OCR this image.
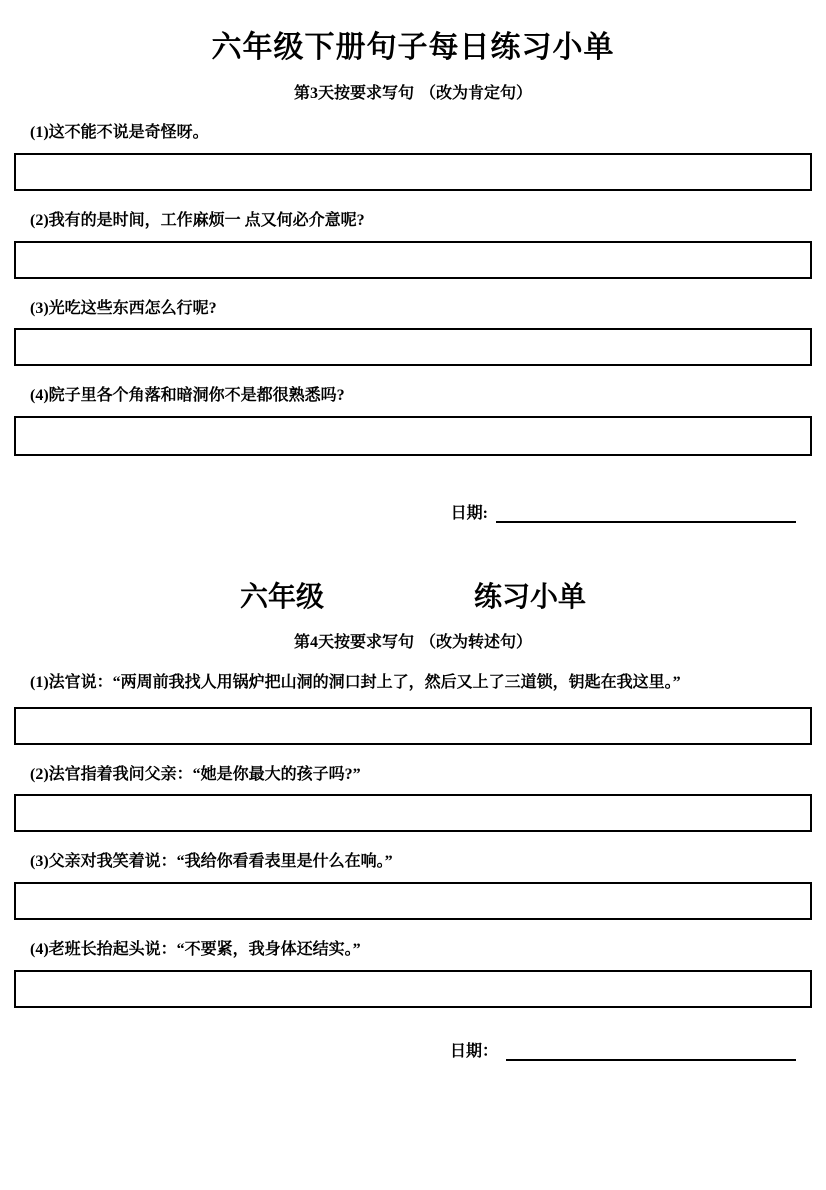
六年级下册句子每日练习小单
第3天按要求写句 （改为肯定句）
(1)这不能不说是奇怪呀。
(2)我有的是时间，工作麻烦一 点又何必介意呢?
(3)光吃这些东西怎么行呢?
(4)院子里各个角落和暗洞你不是都很熟悉吗?
日期:
六年级	练习小单
第4天按要求写句 （改为转述句）
(1)法官说：“两周前我找人用锅炉把山洞的洞口封上了，然后又上了三道锁，钥匙在我这里。”
(2)法官指着我问父亲：“她是你最大的孩子吗?”
(3)父亲对我笑着说：“我给你看看表里是什么在响。”
(4)老班长抬起头说：“不要紧，我身体还结实。”
日期：
